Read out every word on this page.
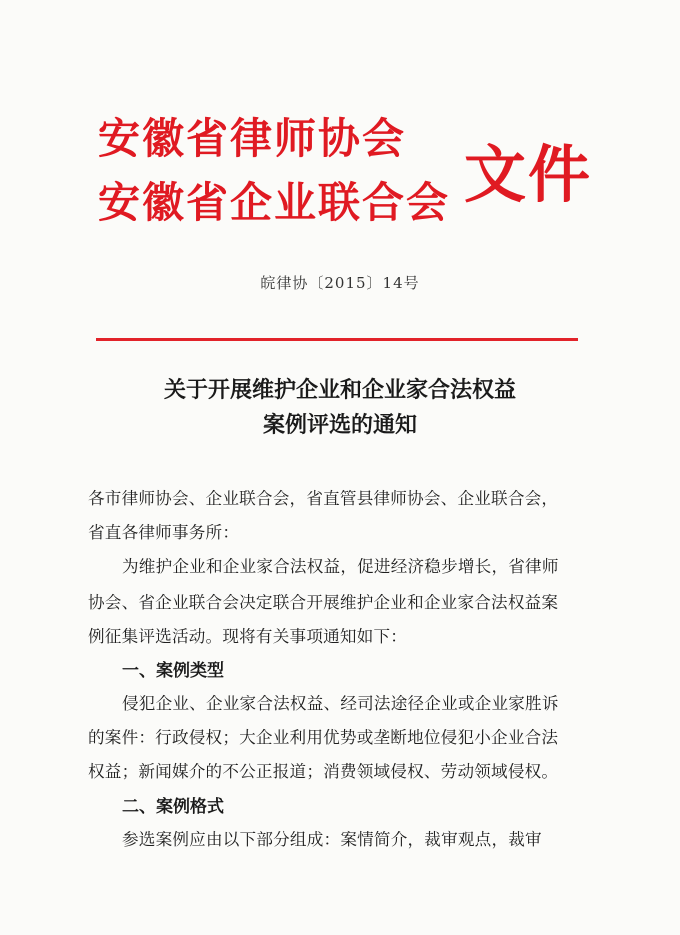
安徽省律师协会
安徽省企业联合会 文件
皖律协〔2015〕14号
关于开展维护企业和企业家合法权益
案例评选的通知
各市律师协会、企业联合会，省直管县律师协会、企业联合会，
省直各律师事务所：
为维护企业和企业家合法权益，促进经济稳步增长，省律师
协会、省企业联合会决定联合开展维护企业和企业家合法权益案
例征集评选活动。现将有关事项通知如下：
一、案例类型
侵犯企业、企业家合法权益、经司法途径企业或企业家胜诉
的案件：行政侵权；大企业利用优势或垄断地位侵犯小企业合法
权益；新闻媒介的不公正报道；消费领域侵权、劳动领域侵权。
二、案例格式
参选案例应由以下部分组成：案情简介，裁审观点，裁审
